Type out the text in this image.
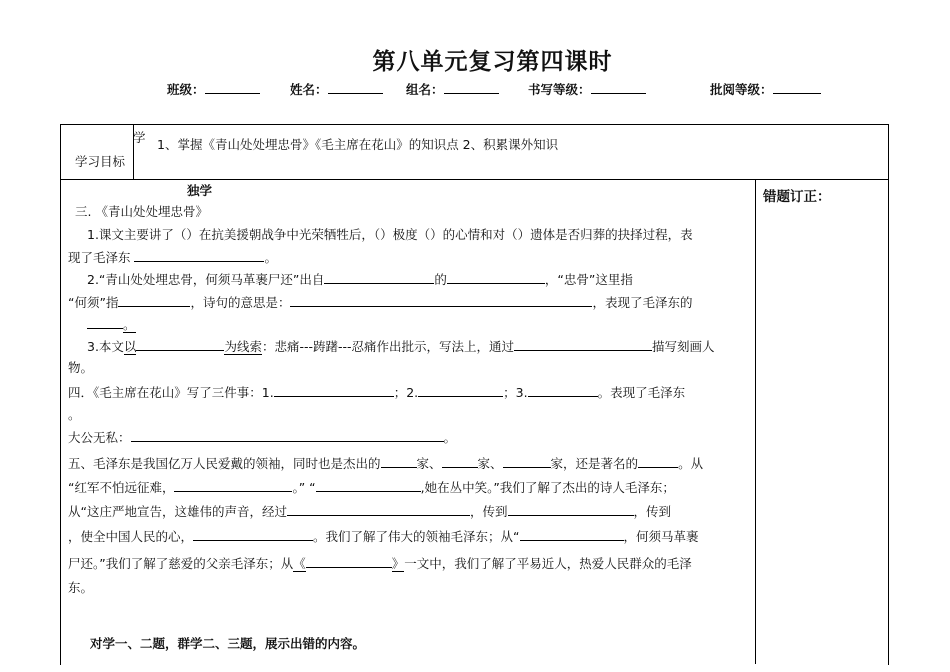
第八单元复习第四课时
班级：	姓名：	组名：	书写等级：	批阅等级：
学
学习目标
1、掌握《青山处处埋忠骨》《毛主席在花山》的知识点 2、积累课外知识
错题订正：
独学
三. 《青山处处埋忠骨》
1.课文主要讲了（）在抗美援朝战争中光荣牺牲后，（）极度（）的心情和对（）遗体是否归葬的抉择过程，表
现了毛泽东	。
2.“青山处处埋忠骨，何须马革裹尸还”出自	的	，“忠骨”这里指
“何须”指	，诗句的意思是：	，表现了毛泽东的
。
3.本文以	为线索：悲痛---踌躇---忍痛作出批示，写法上，通过	描写刻画人
物。
四．《毛主席在花山》写了三件事：1.	；2.	；3.	。表现了毛泽东
。
大公无私：	。
五、毛泽东是我国亿万人民爱戴的领袖，同时也是杰出的	家、	家、	家，还是著名的	。从
“红军不怕远征难，	。” “	,她在丛中笑。”我们了解了杰出的诗人毛泽东；
从“这庄严地宣告，这雄伟的声音，经过	，传到	，传到
，使全中国人民的心，	。我们了解了伟大的领袖毛泽东；从“	，何须马革裹
尸还。”我们了解了慈爱的父亲毛泽东；从《	》一文中，我们了解了平易近人，热爱人民群众的毛泽
东。
对学一、二题，群学二、三题，展示出错的内容。
